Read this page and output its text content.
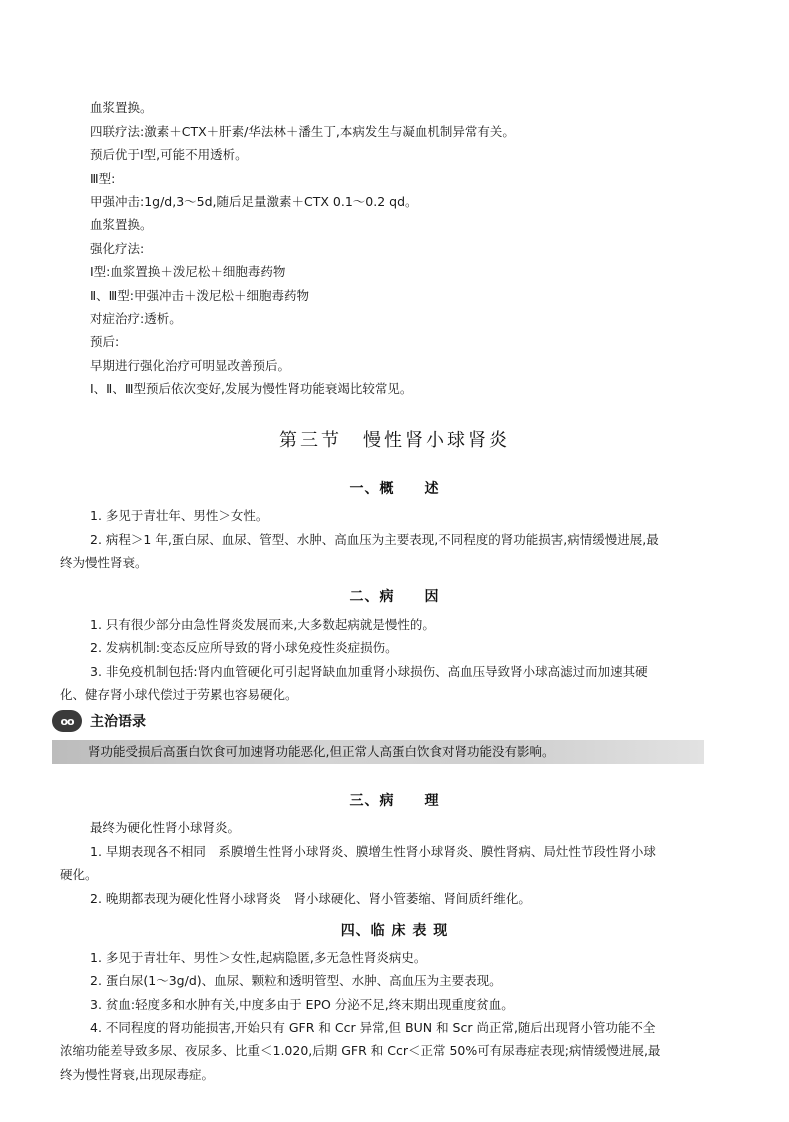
血浆置换。
四联疗法:激素＋CTX＋肝素/华法林＋潘生丁,本病发生与凝血机制异常有关。
预后优于Ⅰ型,可能不用透析。
Ⅲ型:
甲强冲击:1g/d,3～5d,随后足量激素＋CTX 0.1～0.2 qd。
血浆置换。
强化疗法:
Ⅰ型:血浆置换＋泼尼松＋细胞毒药物
Ⅱ、Ⅲ型:甲强冲击＋泼尼松＋细胞毒药物
对症治疗:透析。
预后:
早期进行强化治疗可明显改善预后。
Ⅰ、Ⅱ、Ⅲ型预后依次变好,发展为慢性肾功能衰竭比较常见。
第三节　慢性肾小球肾炎
一、概　　述
1. 多见于青壮年、男性＞女性。
2. 病程＞1 年,蛋白尿、血尿、管型、水肿、高血压为主要表现,不同程度的肾功能损害,病情缓慢进展,最
终为慢性肾衰。
二、病　　因
1. 只有很少部分由急性肾炎发展而来,大多数起病就是慢性的。
2. 发病机制:变态反应所导致的肾小球免疫性炎症损伤。
3. 非免疫机制包括:肾内血管硬化可引起肾缺血加重肾小球损伤、高血压导致肾小球高滤过而加速其硬
化、健存肾小球代偿过于劳累也容易硬化。
oo	主治语录
肾功能受损后高蛋白饮食可加速肾功能恶化,但正常人高蛋白饮食对肾功能没有影响。
三、病　　理
最终为硬化性肾小球肾炎。
1. 早期表现各不相同　系膜增生性肾小球肾炎、膜增生性肾小球肾炎、膜性肾病、局灶性节段性肾小球
硬化。
2. 晚期都表现为硬化性肾小球肾炎　肾小球硬化、肾小管萎缩、肾间质纤维化。
四、临 床 表 现
1. 多见于青壮年、男性＞女性,起病隐匿,多无急性肾炎病史。
2. 蛋白尿(1～3g/d)、血尿、颗粒和透明管型、水肿、高血压为主要表现。
3. 贫血:轻度多和水肿有关,中度多由于 EPO 分泌不足,终末期出现重度贫血。
4. 不同程度的肾功能损害,开始只有 GFR 和 Ccr 异常,但 BUN 和 Scr 尚正常,随后出现肾小管功能不全
浓缩功能差导致多尿、夜尿多、比重＜1.020,后期 GFR 和 Ccr＜正常 50%可有尿毒症表现;病情缓慢进展,最
终为慢性肾衰,出现尿毒症。
